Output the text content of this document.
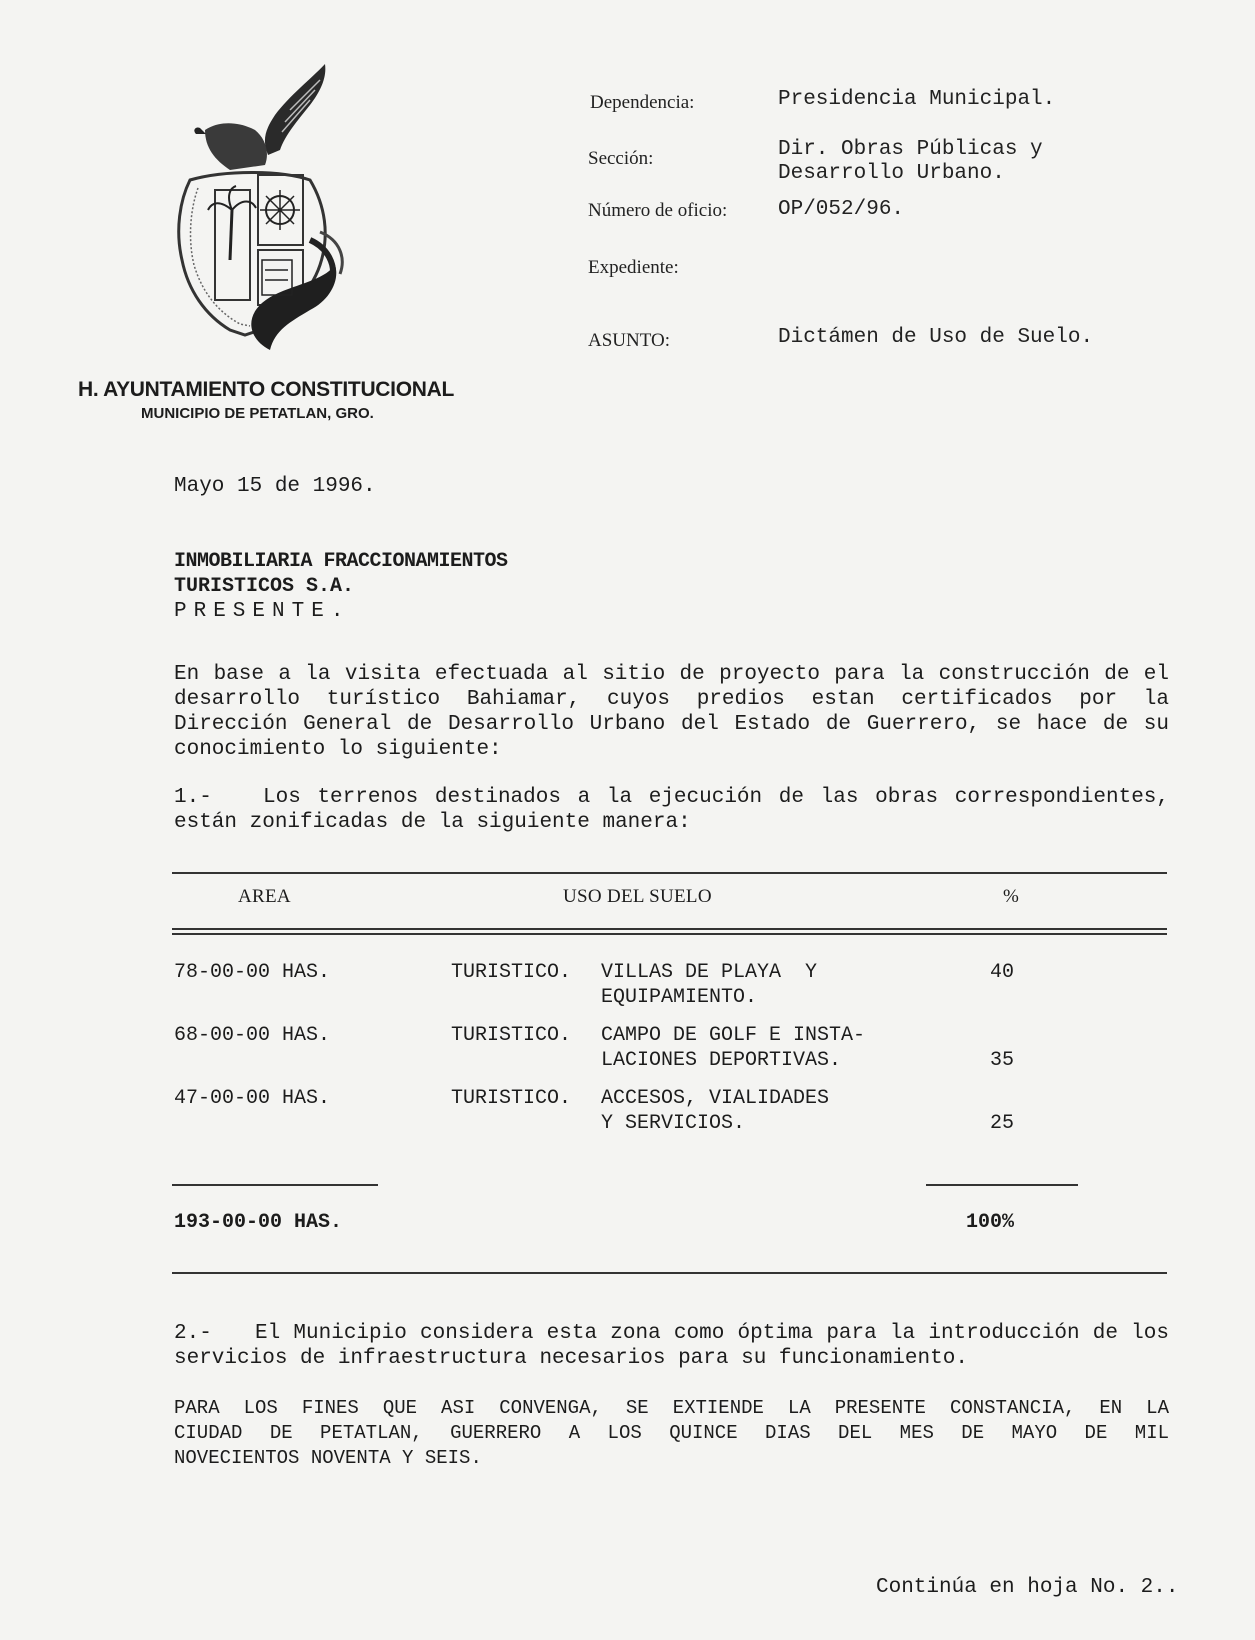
H. AYUNTAMIENTO CONSTITUCIONAL
MUNICIPIO DE PETATLAN, GRO.
Dependencia:	Presidencia Municipal.
Sección:	Dir. Obras Públicas y
Desarrollo Urbano.
Número de oficio: OP/052/96.
Expediente:
ASUNTO:	Dictámen de Uso de Suelo.
Mayo 15 de 1996.
INMOBILIARIA FRACCIONAMIENTOS
TURISTICOS S.A.
PRESENTE.
En base a la visita efectuada al sitio de proyecto para la construcción de el desarrollo turístico Bahiamar, cuyos predios estan certificados por la Dirección General de Desarrollo Urbano del Estado de Guerrero, se hace de su conocimiento lo siguiente:
1.- Los terrenos destinados a la ejecución de las obras correspondientes,
están zonificadas de la siguiente manera:
AREA	USO DEL SUELO	%
78-00-00 HAS.	TURISTICO. VILLAS DE PLAYA  Y
EQUIPAMIENTO.
40
68-00-00 HAS.	TURISTICO. CAMPO DE GOLF E INSTA-
LACIONES DEPORTIVAS.	35
47-00-00 HAS.	TURISTICO. ACCESOS, VIALIDADES
Y SERVICIOS.	25
193-00-00 HAS.	100%
2.- El Municipio considera esta zona como óptima para la introducción de los
servicios de infraestructura necesarios para su funcionamiento.
PARA LOS FINES QUE ASI CONVENGA, SE EXTIENDE LA PRESENTE CONSTANCIA, EN LA
CIUDAD DE PETATLAN, GUERRERO A LOS QUINCE DIAS DEL MES DE MAYO DE MIL
NOVECIENTOS NOVENTA Y SEIS.
Continúa en hoja No. 2..
